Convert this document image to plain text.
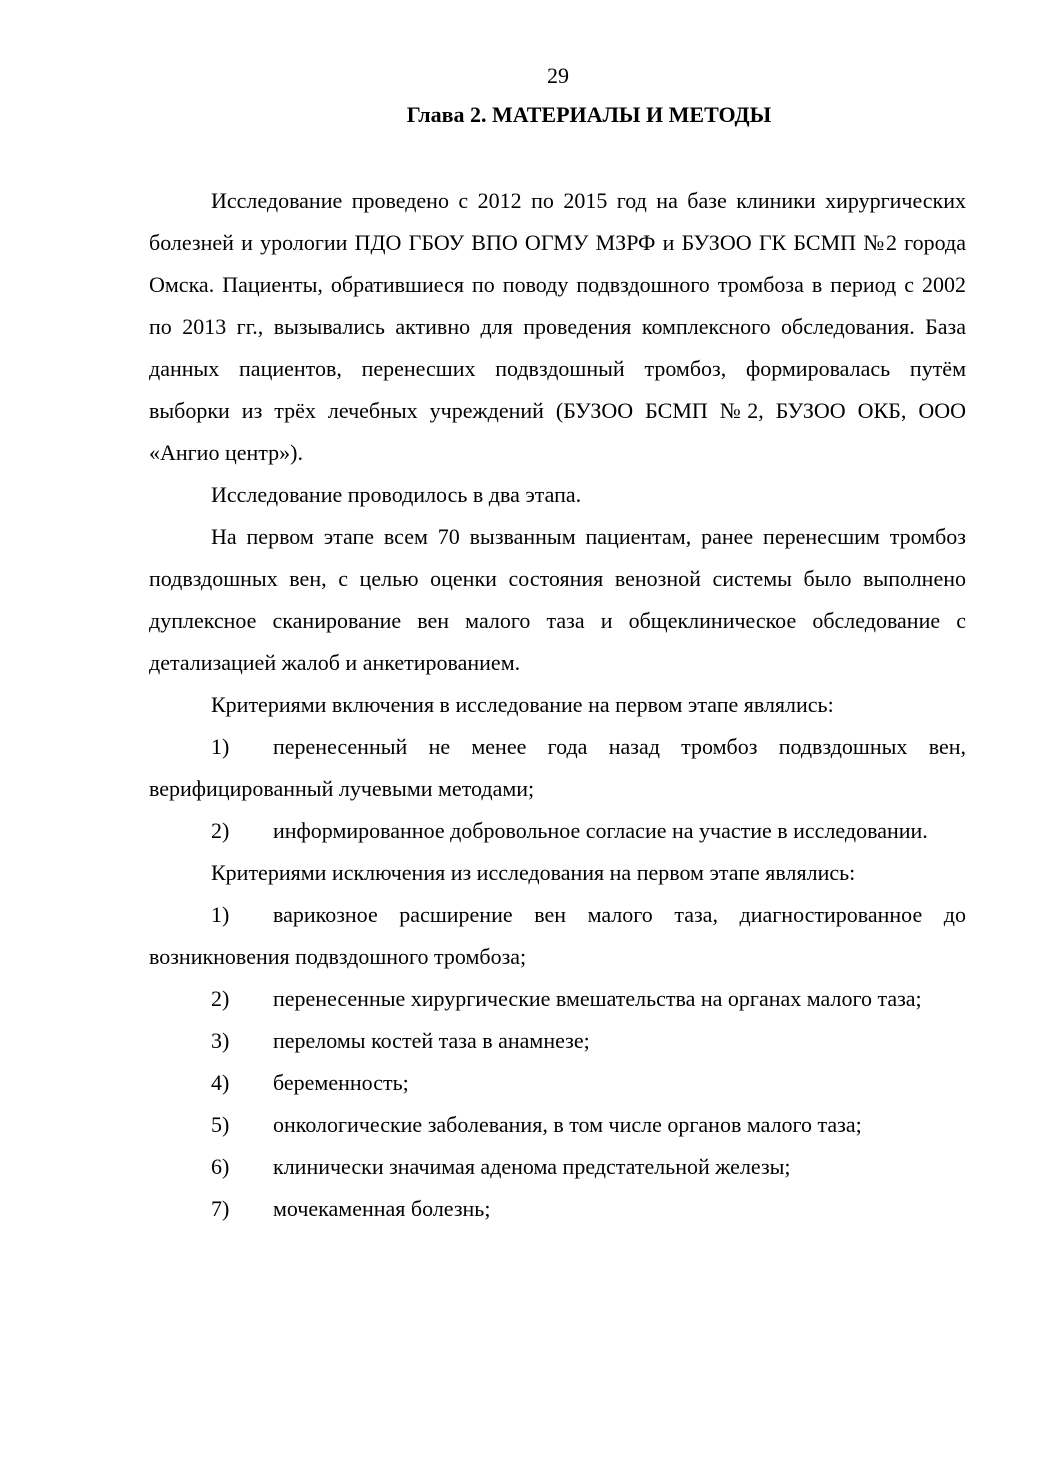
29
Глава 2. МАТЕРИАЛЫ И МЕТОДЫ

Исследование проведено с 2012 по 2015 год на базе клиники хирургических болезней и урологии ПДО ГБОУ ВПО ОГМУ МЗРФ и БУЗОО ГК БСМП №2 города Омска. Пациенты, обратившиеся по поводу подвздошного тромбоза в период с 2002 по 2013 гг., вызывались активно для проведения комплексного обследования. База данных пациентов, перенесших подвздошный тромбоз, формировалась путём выборки из трёх лечебных учреждений (БУЗОО БСМП №2, БУЗОО ОКБ, ООО «Ангио центр»).

Исследование проводилось в два этапа.

На первом этапе всем 70 вызванным пациентам, ранее перенесшим тромбоз подвздошных вен, с целью оценки состояния венозной системы было выполнено дуплексное сканирование вен малого таза и общеклиническое обследование с детализацией жалоб и анкетированием.

Критериями включения в исследование на первом этапе являлись:

1) перенесенный не менее года назад тромбоз подвздошных вен, верифицированный лучевыми методами;

2) информированное добровольное согласие на участие в исследовании.

Критериями исключения из исследования на первом этапе являлись:

1) варикозное расширение вен малого таза, диагностированное до возникновения подвздошного тромбоза;

2) перенесенные хирургические вмешательства на органах малого таза;

3) переломы костей таза в анамнезе;

4) беременность;

5) онкологические заболевания, в том числе органов малого таза;

6) клинически значимая аденома предстательной железы;

7) мочекаменная болезнь;
